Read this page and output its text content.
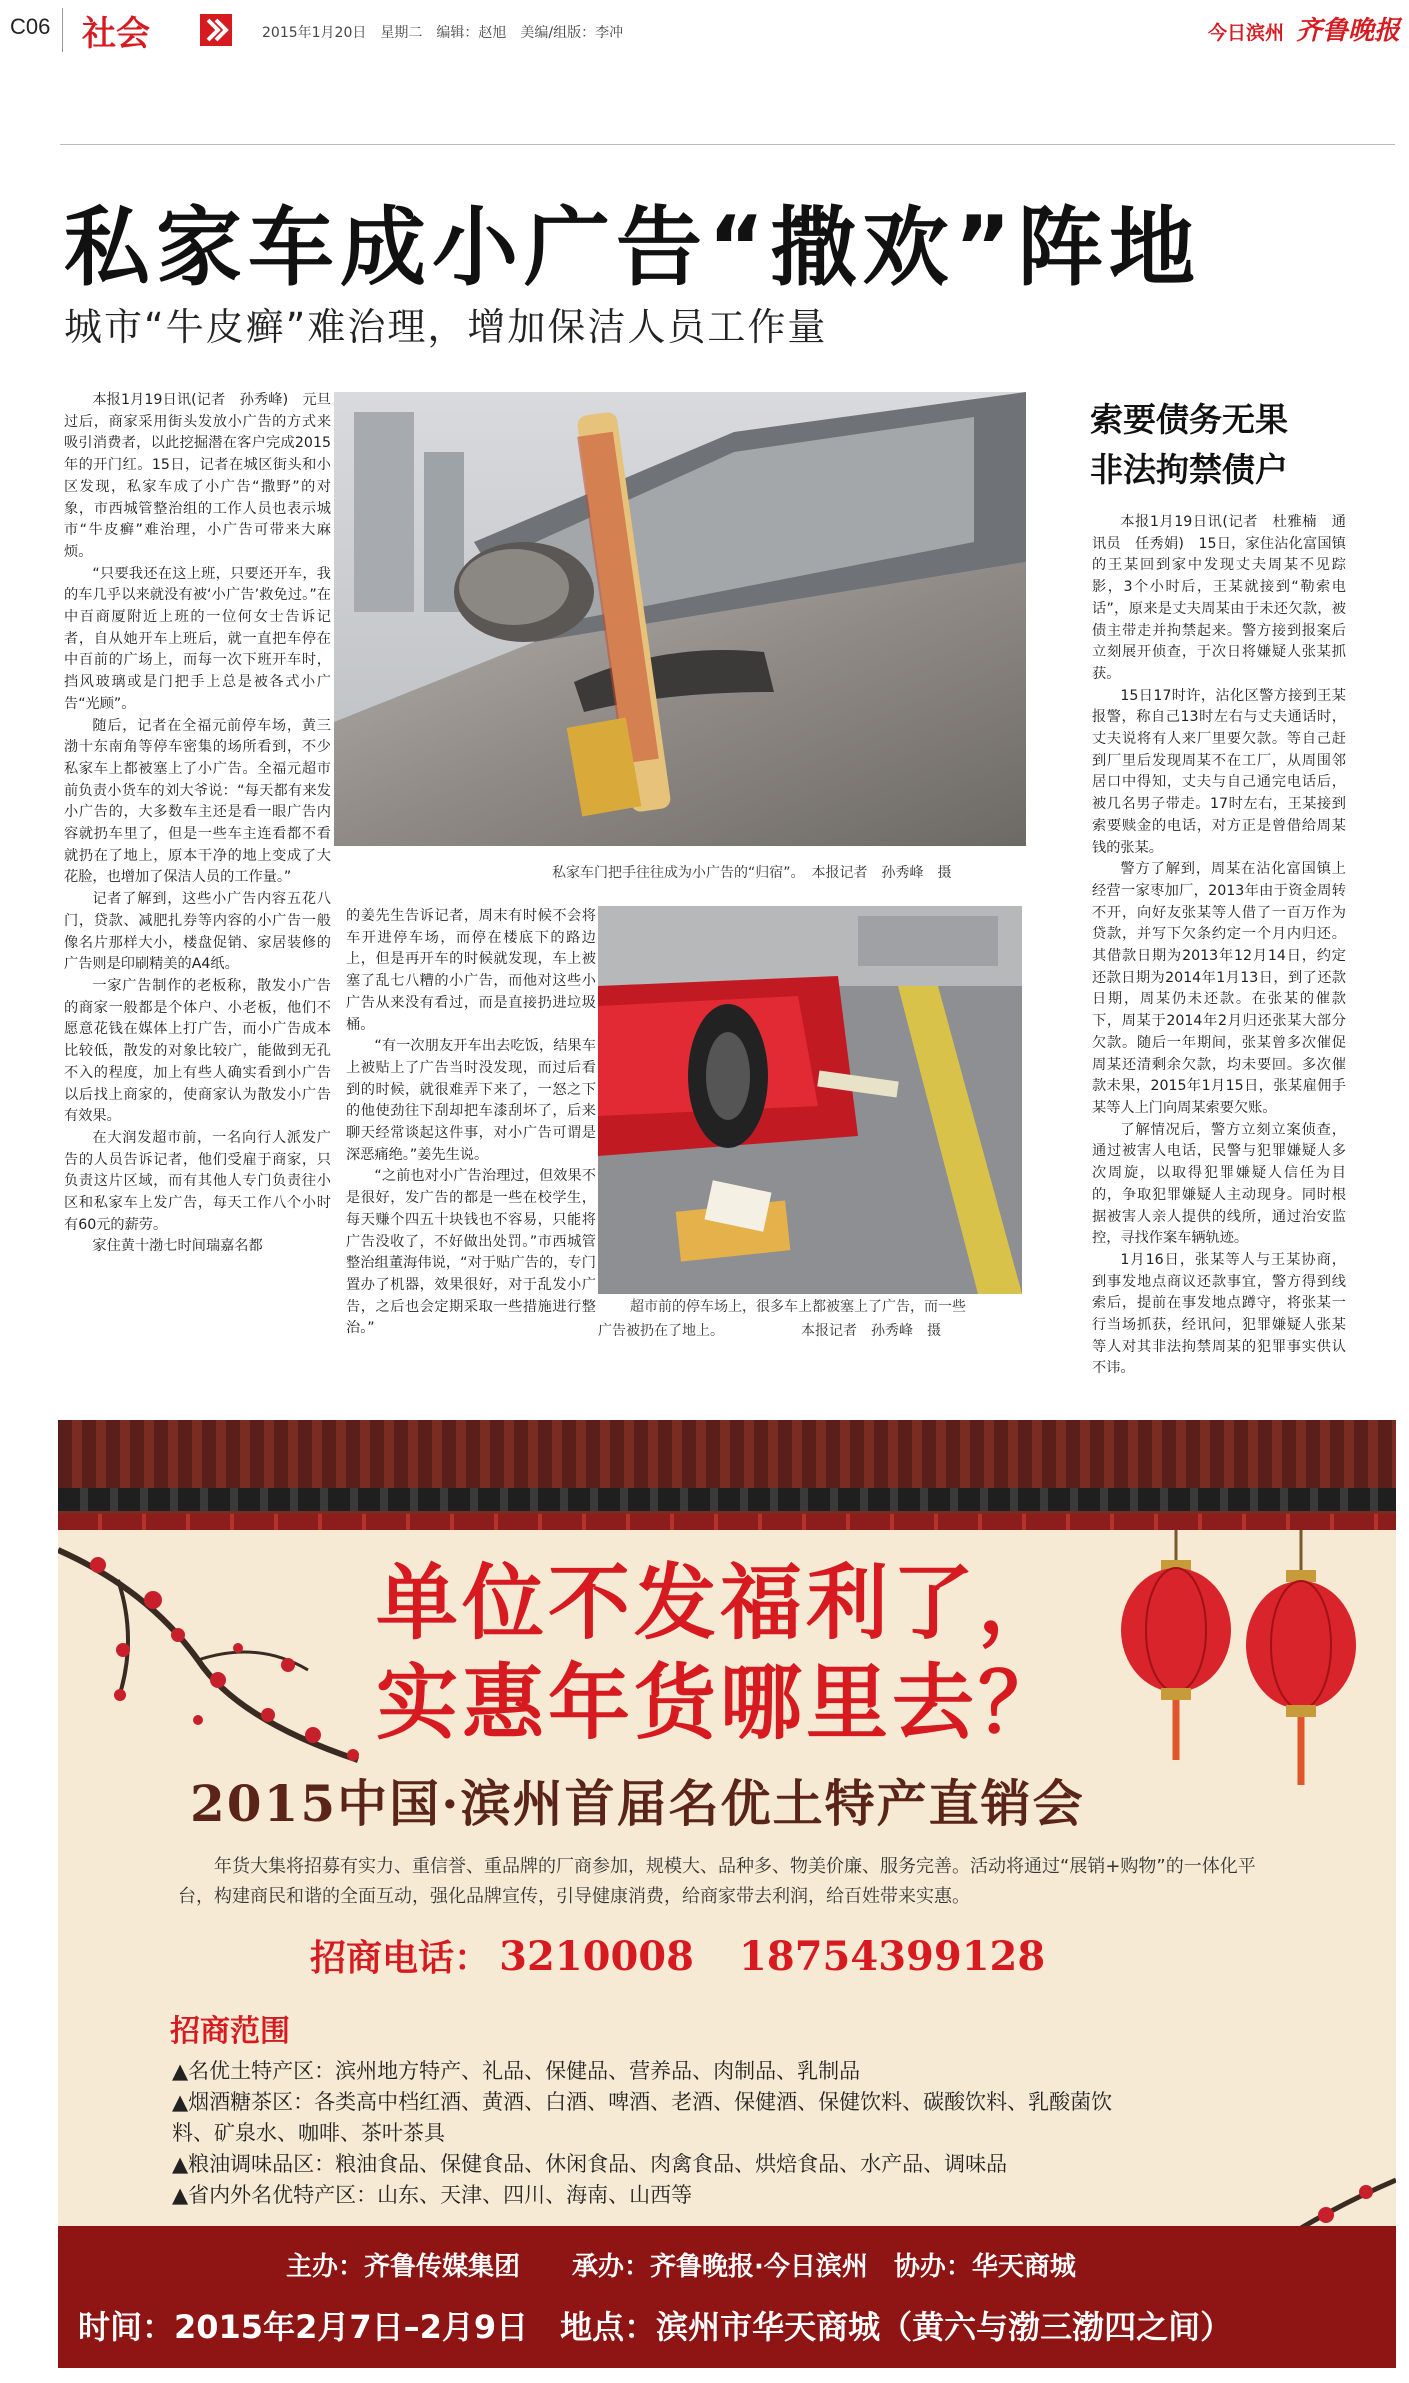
C06 社会	2015年1月20日　星期二　编辑：赵旭　美编/组版：李冲	今日滨州 齐鲁晚报
私家车成小广告“撒欢”阵地
城市“牛皮癣”难治理，增加保洁人员工作量

本报1月19日讯(记者　孙秀峰)　元旦过后，商家采用街头发放小广告的方式来吸引消费者，以此挖掘潜在客户完成2015年的开门红。15日，记者在城区街头和小区发现，私家车成了小广告“撒野”的对象，市西城管整治组的工作人员也表示城市“牛皮癣”难治理，小广告可带来大麻烦。

“只要我还在这上班，只要还开车，我的车几乎以来就没有被‘小广告’救免过。”在中百商厦附近上班的一位何女士告诉记者，自从她开车上班后，就一直把车停在中百前的广场上，而每一次下班开车时，挡风玻璃或是门把手上总是被各式小广告“光顾”。

随后，记者在全福元前停车场，黄三渤十东南角等停车密集的场所看到，不少私家车上都被塞上了小广告。全福元超市前负责小货车的刘大爷说：“每天都有来发小广告的，大多数车主还是看一眼广告内容就扔车里了，但是一些车主连看都不看就扔在了地上，原本干净的地上变成了大花脸，也增加了保洁人员的工作量。”

记者了解到，这些小广告内容五花八门，贷款、减肥扎券等内容的小广告一般像名片那样大小，楼盘促销、家居装修的广告则是印刷精美的A4纸。

一家广告制作的老板称，散发小广告的商家一般都是个体户、小老板，他们不愿意花钱在媒体上打广告，而小广告成本比较低，散发的对象比较广，能做到无孔不入的程度，加上有些人确实看到小广告以后找上商家的，使商家认为散发小广告有效果。

在大润发超市前，一名向行人派发广告的人员告诉记者，他们受雇于商家，只负责这片区域，而有其他人专门负责往小区和私家车上发广告，每天工作八个小时有60元的薪劳。

家住黄十渤七时间瑞嘉名都

私家车门把手往往成为小广告的“归宿”。　本报记者　孙秀峰　摄

的姜先生告诉记者，周末有时候不会将车开进停车场，而停在楼底下的路边上，但是再开车的时候就发现，车上被塞了乱七八糟的小广告，而他对这些小广告从来没有看过，而是直接扔进垃圾桶。

“有一次朋友开车出去吃饭，结果车上被贴上了广告当时没发现，而过后看到的时候，就很难弄下来了，一怒之下的他使劲往下刮却把车漆刮坏了，后来聊天经常谈起这件事，对小广告可谓是深恶痛绝。”姜先生说。

“之前也对小广告治理过，但效果不是很好，发广告的都是一些在校学生，每天赚个四五十块钱也不容易，只能将广告没收了，不好做出处罚。”市西城管整治组董海伟说，“对于贴广告的，专门置办了机器，效果很好，对于乱发小广告，之后也会定期采取一些措施进行整治。”

超市前的停车场上，很多车上都被塞上了广告，而一些
广告被扔在了地上。　　　　　　本报记者　孙秀峰　摄
索要债务无果
非法拘禁债户

本报1月19日讯(记者　杜雅楠　通讯员　任秀娟)　15日，家住沾化富国镇的王某回到家中发现丈夫周某不见踪影，3个小时后，王某就接到“勒索电话”，原来是丈夫周某由于未还欠款，被债主带走并拘禁起来。警方接到报案后立刻展开侦查，于次日将嫌疑人张某抓获。

15日17时许，沾化区警方接到王某报警，称自己13时左右与丈夫通话时，丈夫说将有人来厂里要欠款。等自己赶到厂里后发现周某不在工厂，从周围邻居口中得知，丈夫与自己通完电话后，被几名男子带走。17时左右，王某接到索要赎金的电话，对方正是曾借给周某钱的张某。

警方了解到，周某在沾化富国镇上经营一家枣加厂，2013年由于资金周转不开，向好友张某等人借了一百万作为贷款，并写下欠条约定一个月内归还。其借款日期为2013年12月14日，约定还款日期为2014年1月13日，到了还款日期，周某仍未还款。在张某的催款下，周某于2014年2月归还张某大部分欠款。随后一年期间，张某曾多次催促周某还清剩余欠款，均未要回。多次催款未果，2015年1月15日，张某雇佣手某等人上门向周某索要欠账。

了解情况后，警方立刻立案侦查，通过被害人电话，民警与犯罪嫌疑人多次周旋，以取得犯罪嫌疑人信任为目的，争取犯罪嫌疑人主动现身。同时根据被害人亲人提供的线所，通过治安监控，寻找作案车辆轨迹。

1月16日，张某等人与王某协商，到事发地点商议还款事宜，警方得到线索后，提前在事发地点蹲守，将张某一行当场抓获，经讯问，犯罪嫌疑人张某等人对其非法拘禁周某的犯罪事实供认不讳。

单位不发福利了，
实惠年货哪里去？
2015中国·滨州首届名优土特产直销会
年货大集将招募有实力、重信誉、重品牌的厂商参加，规模大、品种多、物美价廉、服务完善。活动将通过“展销+购物”的一体化平台，构建商民和谐的全面互动，强化品牌宣传，引导健康消费，给商家带去利润，给百姓带来实惠。
招商电话： 3210008 18754399128
招商范围
▲名优土特产区：滨州地方特产、礼品、保健品、营养品、肉制品、乳制品
▲烟酒糖茶区：各类高中档红酒、黄酒、白酒、啤酒、老酒、保健酒、保健饮料、碳酸饮料、乳酸菌饮
料、矿泉水、咖啡、茶叶茶具
▲粮油调味品区：粮油食品、保健食品、休闲食品、肉禽食品、烘焙食品、水产品、调味品
▲省内外名优特产区：山东、天津、四川、海南、山西等
主办：齐鲁传媒集团　　承办：齐鲁晚报·今日滨州　协办：华天商城
时间：2015年2月7日–2月9日　地点：滨州市华天商城（黄六与渤三渤四之间）
